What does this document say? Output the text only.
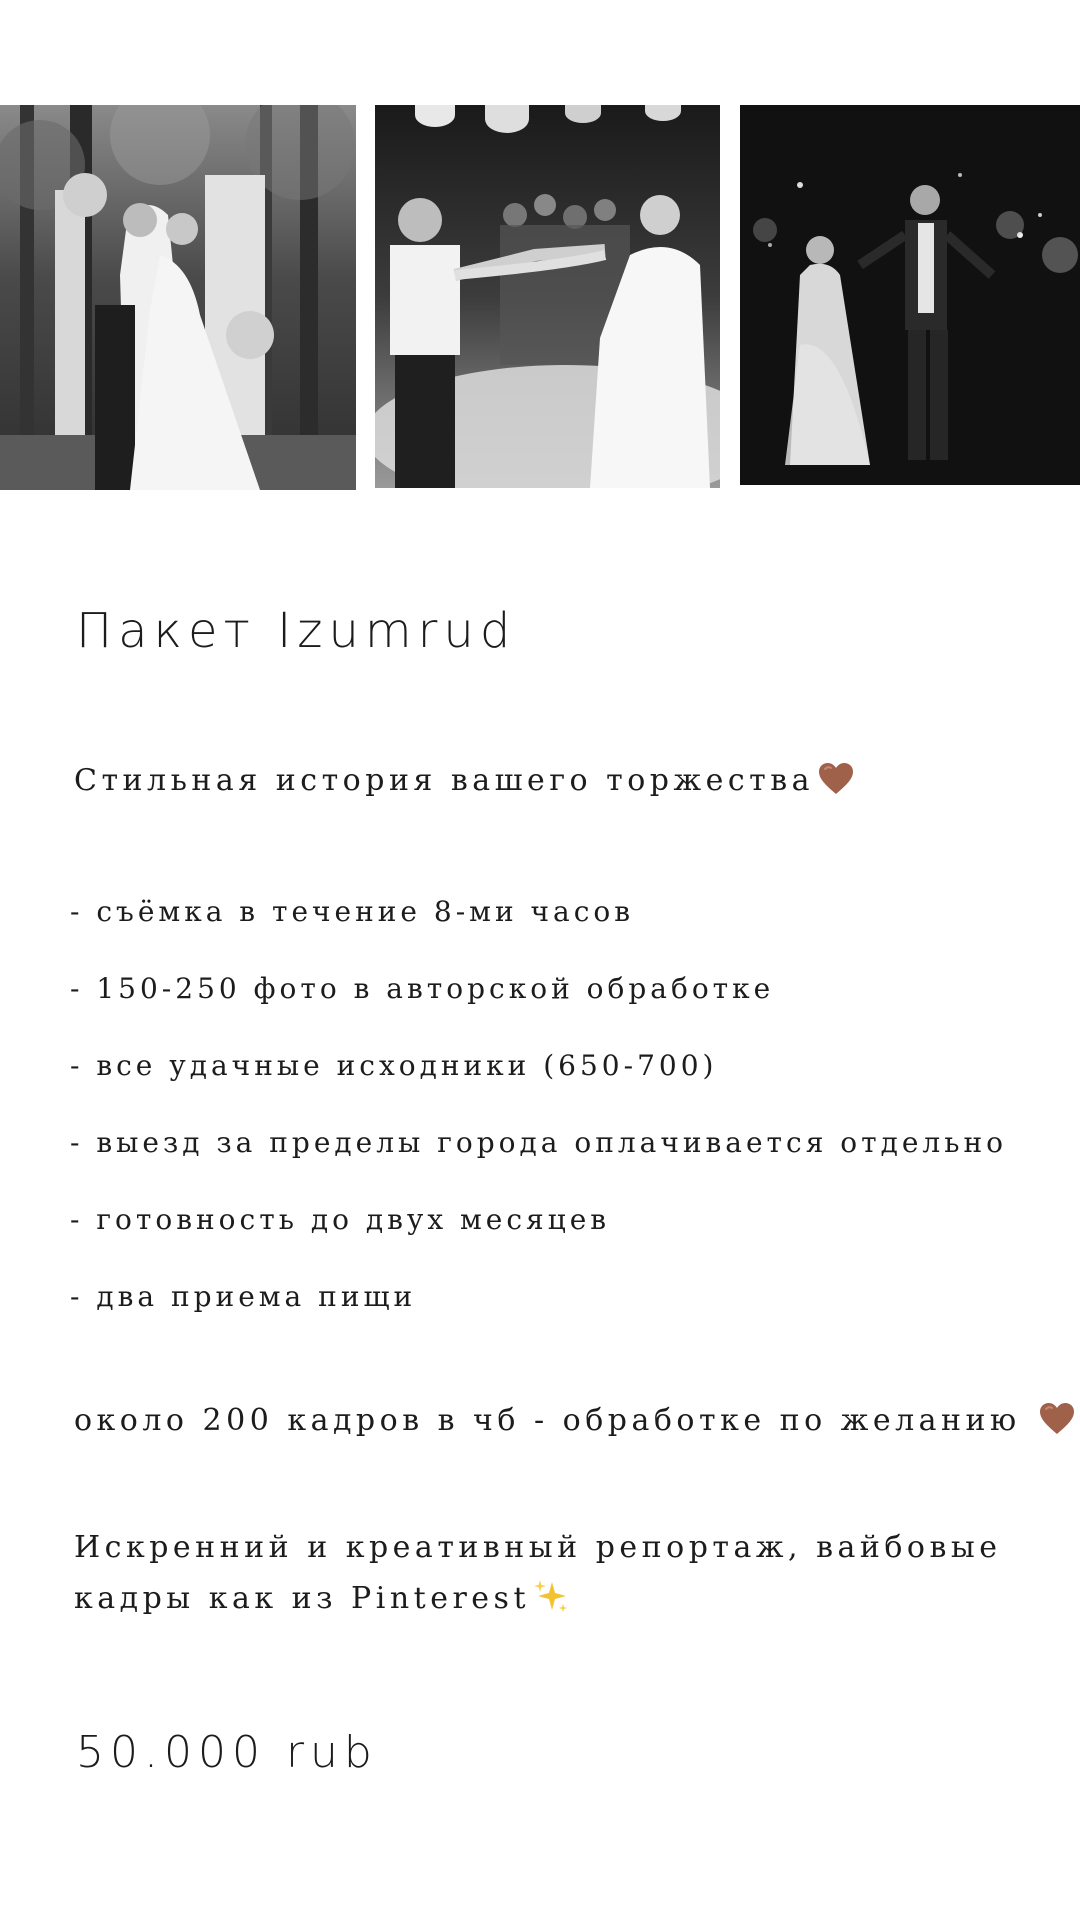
Пакет Izumrud

Стильная история вашего торжества

- съёмка в течение 8-ми часов
- 150-250 фото в авторской обработке
- все удачные исходники (650-700)
- выезд за пределы города оплачивается отдельно
- готовность до двух месяцев
- два приема пищи

около 200 кадров в чб - обработке по желанию

Искренний и креативный репортаж, вайбовые кадры как из Pinterest

50.000 rub
